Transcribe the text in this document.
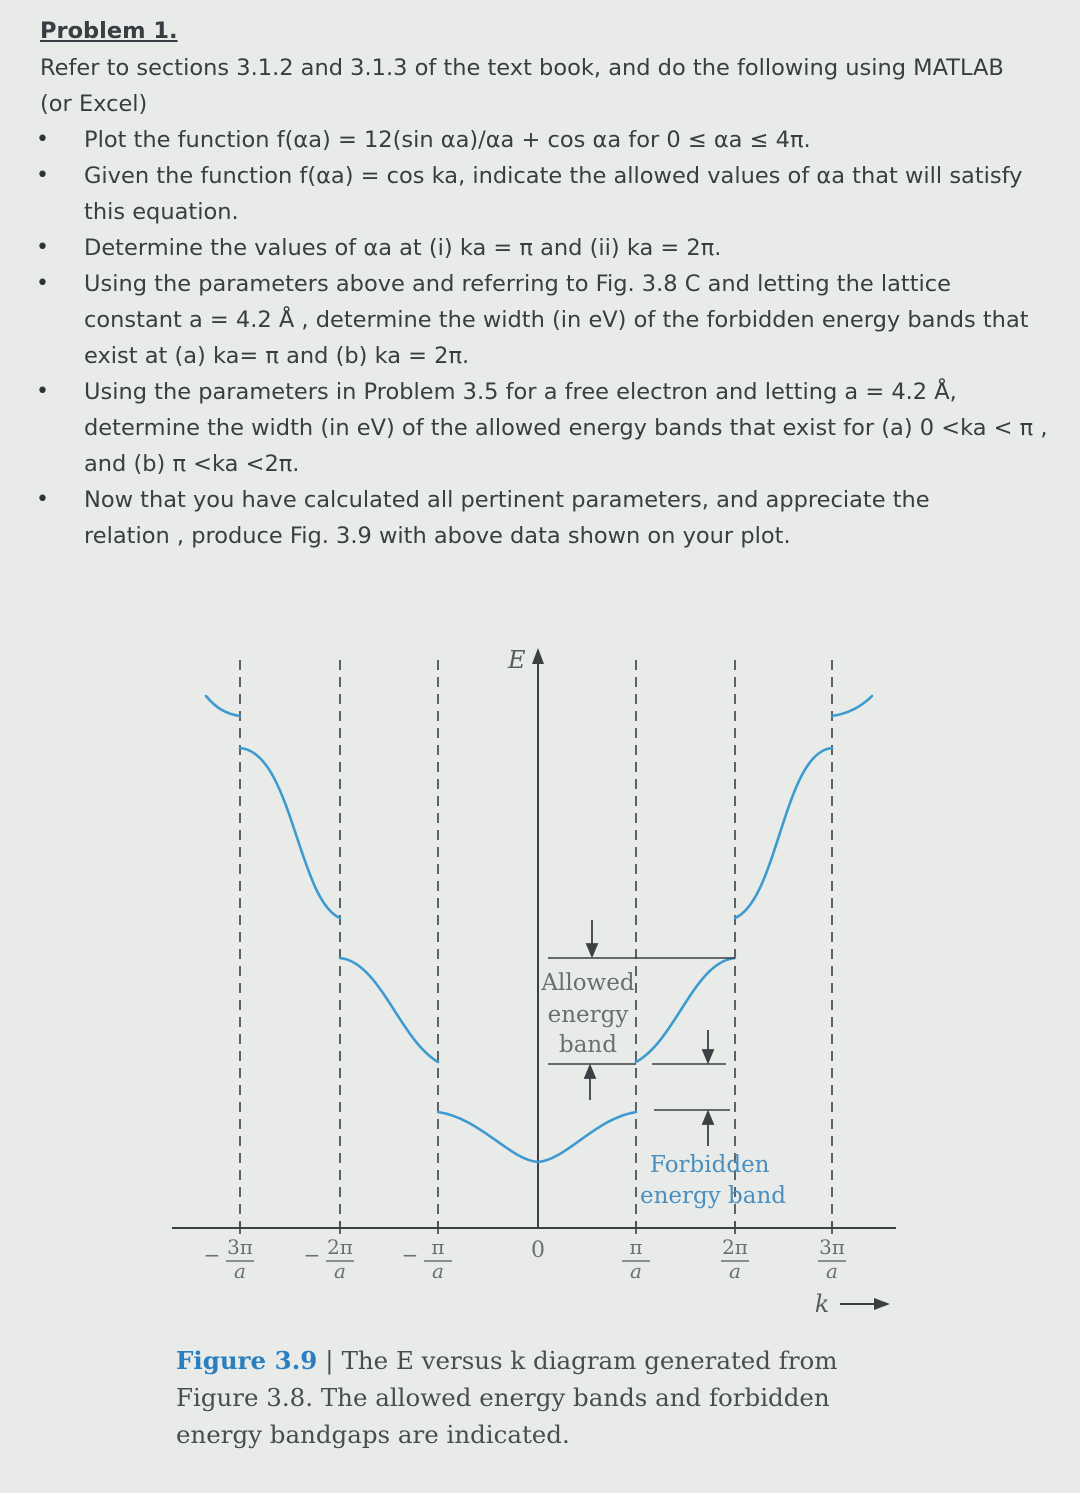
Problem 1.
Refer to sections 3.1.2 and 3.1.3 of the text book, and do the following using MATLAB
(or Excel)
• Plot the function f(αa) = 12(sin αa)/αa + cos αa for 0 ≤ αa ≤ 4π.
• Given the function f(αa) = cos ka, indicate the allowed values of αa that will satisfy
this equation.
• Determine the values of αa at (i) ka = π and (ii) ka = 2π.
• Using the parameters above and referring to Fig. 3.8 C and letting the lattice
constant a = 4.2 Å , determine the width (in eV) of the forbidden energy bands that
exist at (a) ka= π and (b) ka = 2π.
• Using the parameters in Problem 3.5 for a free electron and letting a = 4.2 Å,
determine the width (in eV) of the allowed energy bands that exist for (a) 0 <ka < π ,
and (b) π <ka <2π.
• Now that you have calculated all pertinent parameters, and appreciate the
relation , produce Fig. 3.9 with above data shown on your plot.
E
Allowed
energy
band
Forbidden
energy band
− 3π
a
− 2π
a
− π
a
0	π
a
2π
a
3π
a
k
Figure 3.9 | The E versus k diagram generated from Figure 3.8. The allowed energy bands and forbidden energy bandgaps are indicated.
